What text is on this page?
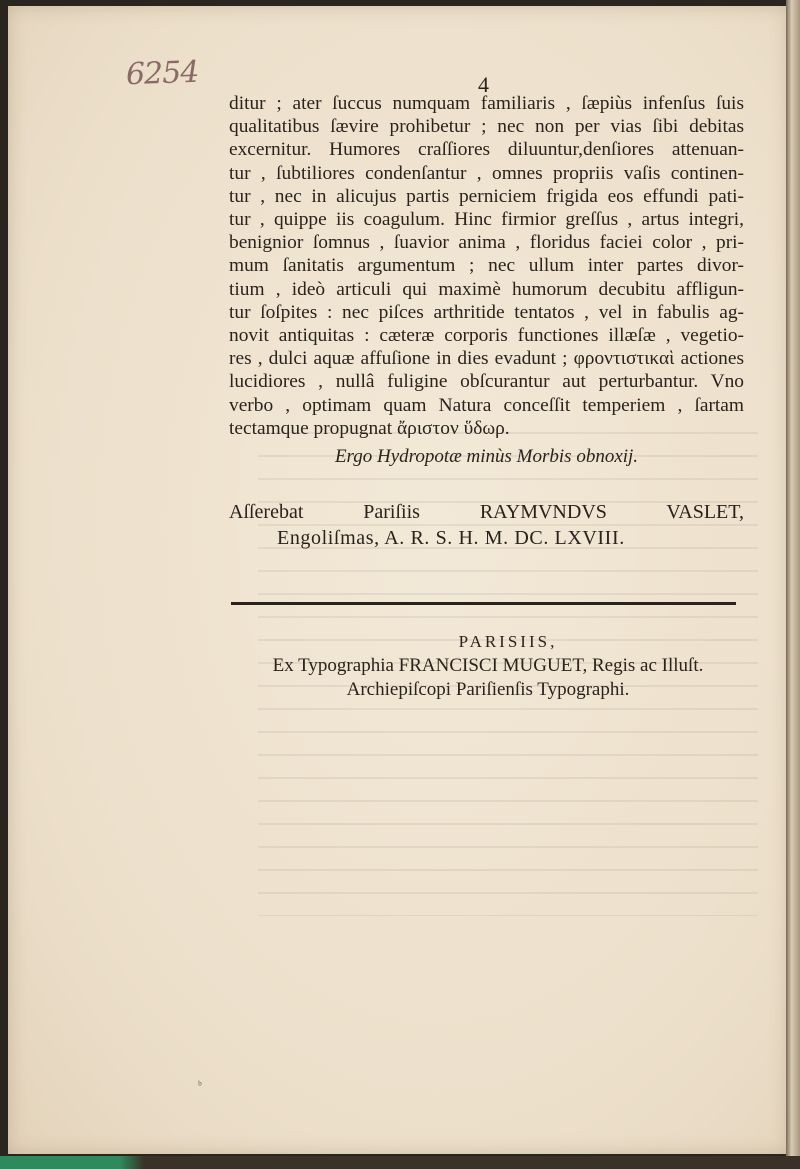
6254	4
ditur ; ater ſuccus numquam familiaris , ſæpiùs infenſus ſuis
qualitatibus ſævire prohibetur ; nec non per vias ſibi debitas
excernitur. Humores craſſiores diluuntur,denſiores attenuan-
tur , ſubtiliores condenſantur , omnes propriis vaſis continen-
tur , nec in alicujus partis perniciem frigida eos effundi pati-
tur , quippe iis coagulum. Hinc firmior greſſus , artus integri,
benignior ſomnus , ſuavior anima , floridus faciei color , pri-
mum ſanitatis argumentum ; nec ullum inter partes divor-
tium , ideò articuli qui maximè humorum decubitu affligun-
tur ſoſpites : nec piſces arthritide tentatos , vel in fabulis ag-
novit antiquitas : cæteræ corporis functiones illæſæ , vegetio-
res , dulci aquæ affuſione in dies evadunt ; φροντιστικαὶ actiones
lucidiores , nullâ fuligine obſcurantur aut perturbantur. Vno
verbo , optimam quam Natura conceſſit temperiem , ſartam
tectamque propugnat ἄριστον ὕδωρ.
Ergo Hydropotæ minùs Morbis obnoxij.
Aſſerebat Pariſiis RAYMVNDVS VASLET,
Engoliſmas, A. R. S. H. M. DC. LXVIII.
PARISIIS,
Ex Typographia FRANCISCI MUGUET, Regis ac Illuſt.
Archiepiſcopi Pariſienſis Typographi.
ᵇ
